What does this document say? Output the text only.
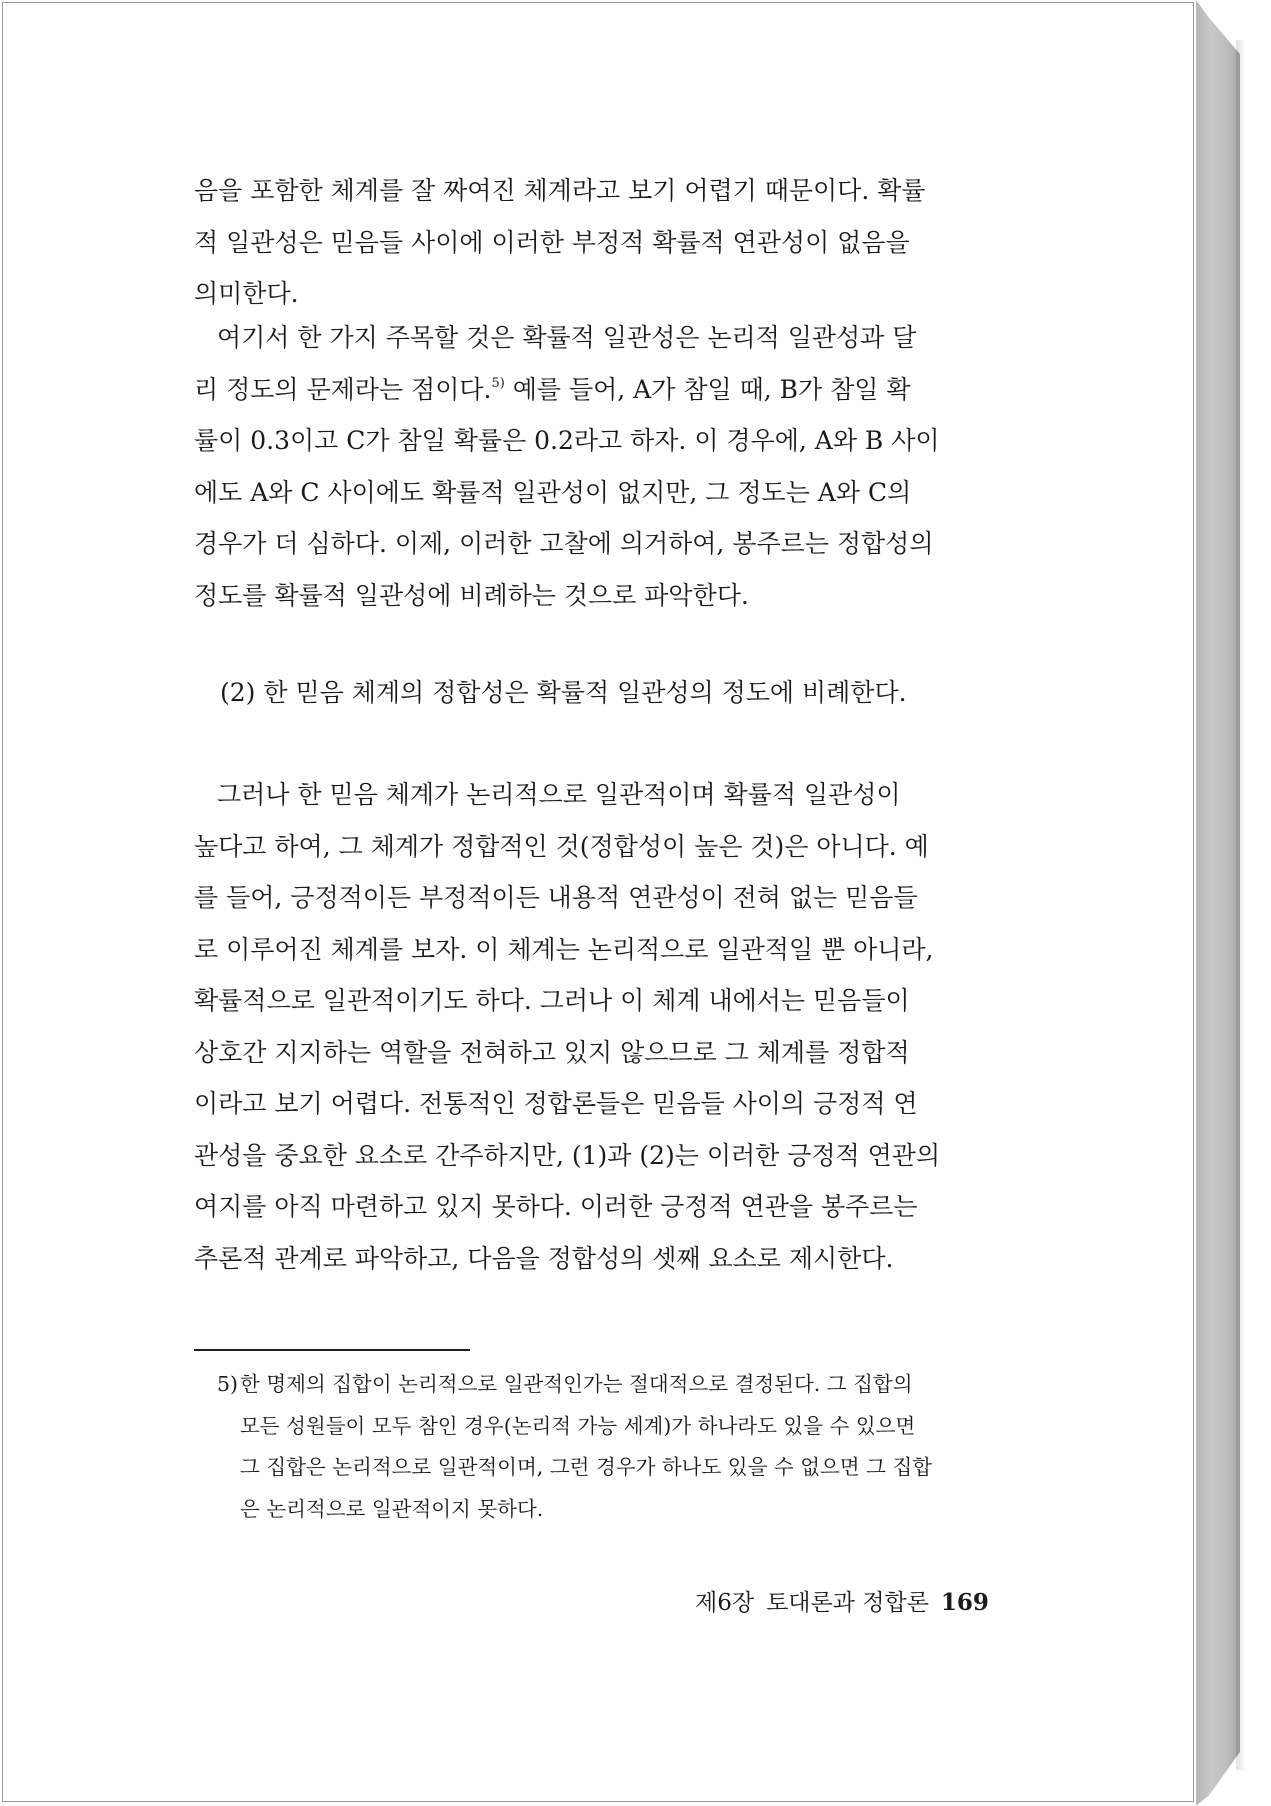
음을 포함한 체계를 잘 짜여진 체계라고 보기 어렵기 때문이다. 확률

적 일관성은 믿음들 사이에 이러한 부정적 확률적 연관성이 없음을

의미한다.

여기서 한 가지 주목할 것은 확률적 일관성은 논리적 일관성과 달

리 정도의 문제라는 점이다.$^{5)}$ 예를 들어, A가 참일 때, B가 참일 확

률이 0.3이고 C가 참일 확률은 0.2라고 하자. 이 경우에, A와 B 사이

에도 A와 C 사이에도 확률적 일관성이 없지만, 그 정도는 A와 C의

경우가 더 심하다. 이제, 이러한 고찰에 의거하여, 봉주르는 정합성의

정도를 확률적 일관성에 비례하는 것으로 파악한다.

(2) 한 믿음 체계의 정합성은 확률적 일관성의 정도에 비례한다.

그러나 한 믿음 체계가 논리적으로 일관적이며 확률적 일관성이

높다고 하여, 그 체계가 정합적인 것(정합성이 높은 것)은 아니다. 예

를 들어, 긍정적이든 부정적이든 내용적 연관성이 전혀 없는 믿음들

로 이루어진 체계를 보자. 이 체계는 논리적으로 일관적일 뿐 아니라,

확률적으로 일관적이기도 하다. 그러나 이 체계 내에서는 믿음들이

상호간 지지하는 역할을 전혀하고 있지 않으므로 그 체계를 정합적

이라고 보기 어렵다. 전통적인 정합론들은 믿음들 사이의 긍정적 연

관성을 중요한 요소로 간주하지만, (1)과 (2)는 이러한 긍정적 연관의

여지를 아직 마련하고 있지 못하다. 이러한 긍정적 연관을 봉주르는

추론적 관계로 파악하고, 다음을 정합성의 셋째 요소로 제시한다.

5) 한 명제의 집합이 논리적으로 일관적인가는 절대적으로 결정된다. 그 집합의

모든 성원들이 모두 참인 경우(논리적 가능 세계)가 하나라도 있을 수 있으면

그 집합은 논리적으로 일관적이며, 그런 경우가 하나도 있을 수 없으면 그 집합

은 논리적으로 일관적이지 못하다.

제6장 토대론과 정합론 169
